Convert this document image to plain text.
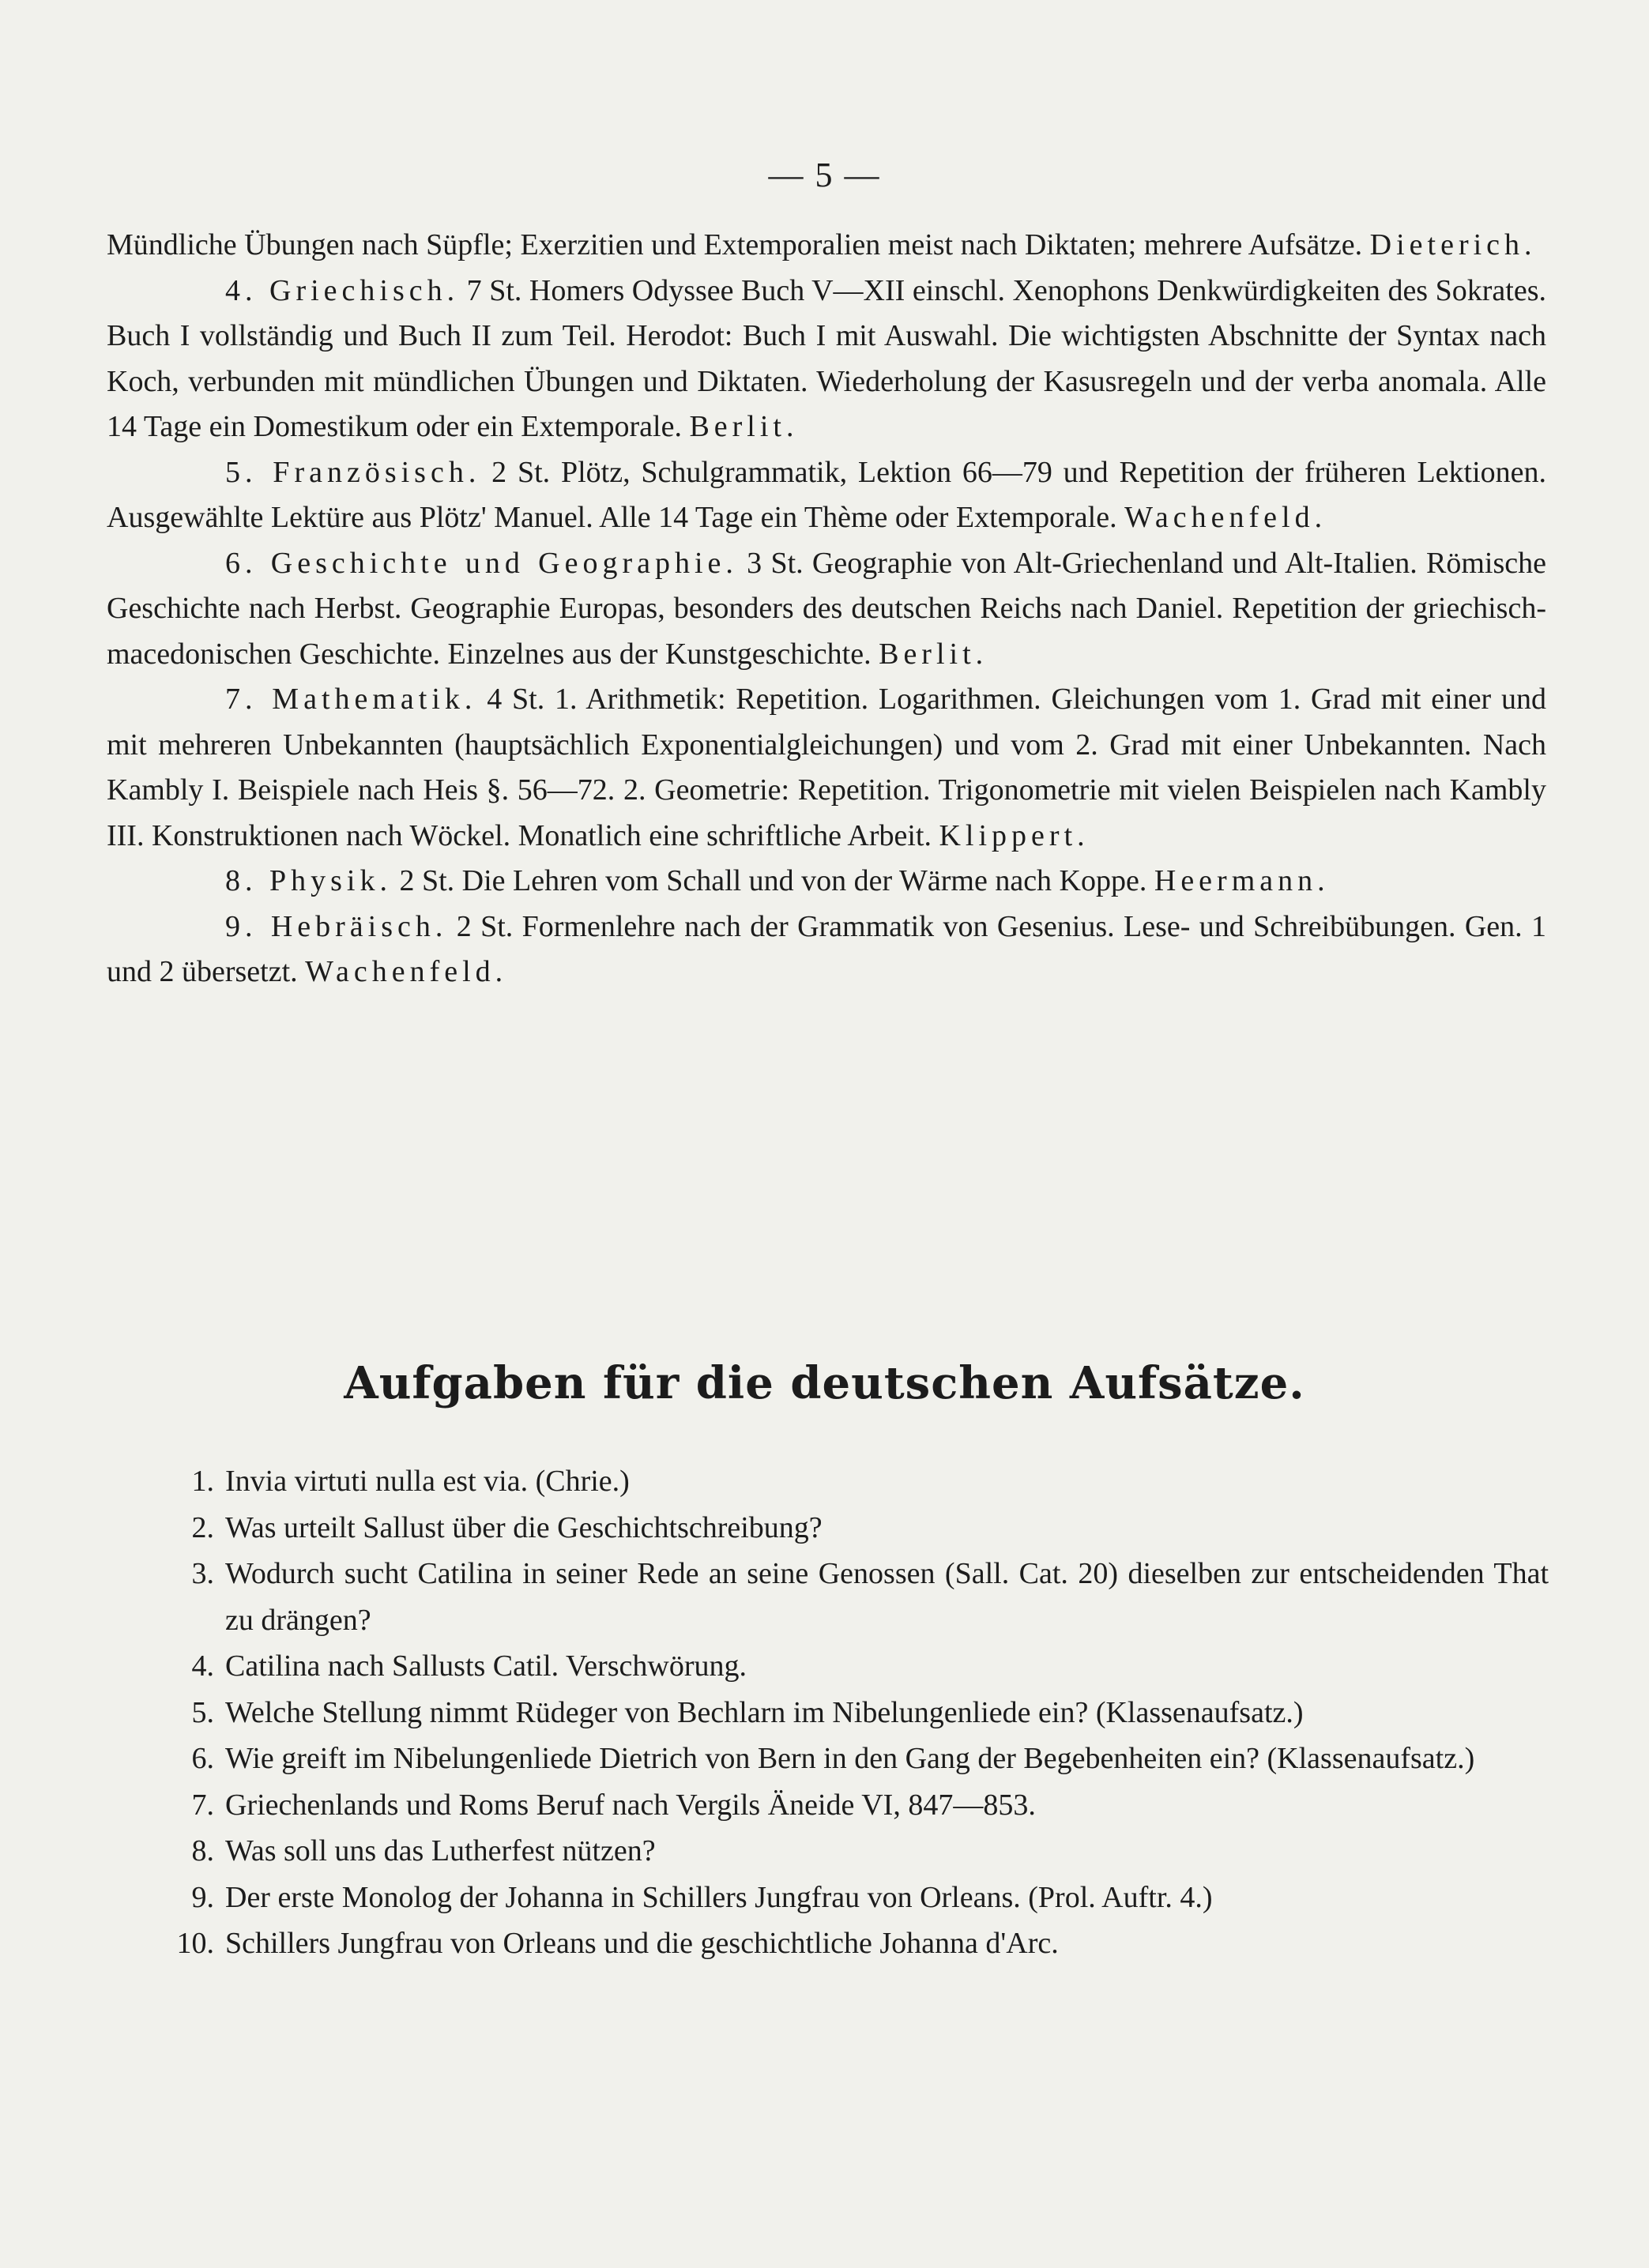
— 5 —

Mündliche Übungen nach Süpfle; Exerzitien und Extemporalien meist nach Diktaten; mehrere Aufsätze. Dieterich.

4. Griechisch. 7 St. Homers Odyssee Buch V—XII einschl. Xenophons Denkwürdigkeiten des Sokrates. Buch I vollständig und Buch II zum Teil. Herodot: Buch I mit Auswahl. Die wichtigsten Abschnitte der Syntax nach Koch, verbunden mit mündlichen Übungen und Diktaten. Wiederholung der Kasusregeln und der verba anomala. Alle 14 Tage ein Domestikum oder ein Extemporale. Berlit.

5. Französisch. 2 St. Plötz, Schulgrammatik, Lektion 66—79 und Repetition der früheren Lektionen. Ausgewählte Lektüre aus Plötz' Manuel. Alle 14 Tage ein Thème oder Extemporale. Wachenfeld.

6. Geschichte und Geographie. 3 St. Geographie von Alt-Griechenland und Alt-Italien. Römische Geschichte nach Herbst. Geographie Europas, besonders des deutschen Reichs nach Daniel. Repetition der griechisch-macedonischen Geschichte. Einzelnes aus der Kunstgeschichte. Berlit.

7. Mathematik. 4 St. 1. Arithmetik: Repetition. Logarithmen. Gleichungen vom 1. Grad mit einer und mit mehreren Unbekannten (hauptsächlich Exponentialgleichungen) und vom 2. Grad mit einer Unbekannten. Nach Kambly I. Beispiele nach Heis §. 56—72. 2. Geometrie: Repetition. Trigonometrie mit vielen Beispielen nach Kambly III. Konstruktionen nach Wöckel. Monatlich eine schriftliche Arbeit. Klippert.

8. Physik. 2 St. Die Lehren vom Schall und von der Wärme nach Koppe. Heermann.

9. Hebräisch. 2 St. Formenlehre nach der Grammatik von Gesenius. Lese- und Schreibübungen. Gen. 1 und 2 übersetzt. Wachenfeld.

Aufgaben für die deutschen Aufsätze.
1. Invia virtuti nulla est via. (Chrie.)
2. Was urteilt Sallust über die Geschichtschreibung?
3. Wodurch sucht Catilina in seiner Rede an seine Genossen (Sall. Cat. 20) dieselben zur entscheidenden That zu drängen?
4. Catilina nach Sallusts Catil. Verschwörung.
5. Welche Stellung nimmt Rüdeger von Bechlarn im Nibelungenliede ein? (Klassenaufsatz.)
6. Wie greift im Nibelungenliede Dietrich von Bern in den Gang der Begebenheiten ein? (Klassenaufsatz.)
7. Griechenlands und Roms Beruf nach Vergils Äneide VI, 847—853.
8. Was soll uns das Lutherfest nützen?
9. Der erste Monolog der Johanna in Schillers Jungfrau von Orleans. (Prol. Auftr. 4.)
10. Schillers Jungfrau von Orleans und die geschichtliche Johanna d'Arc.
